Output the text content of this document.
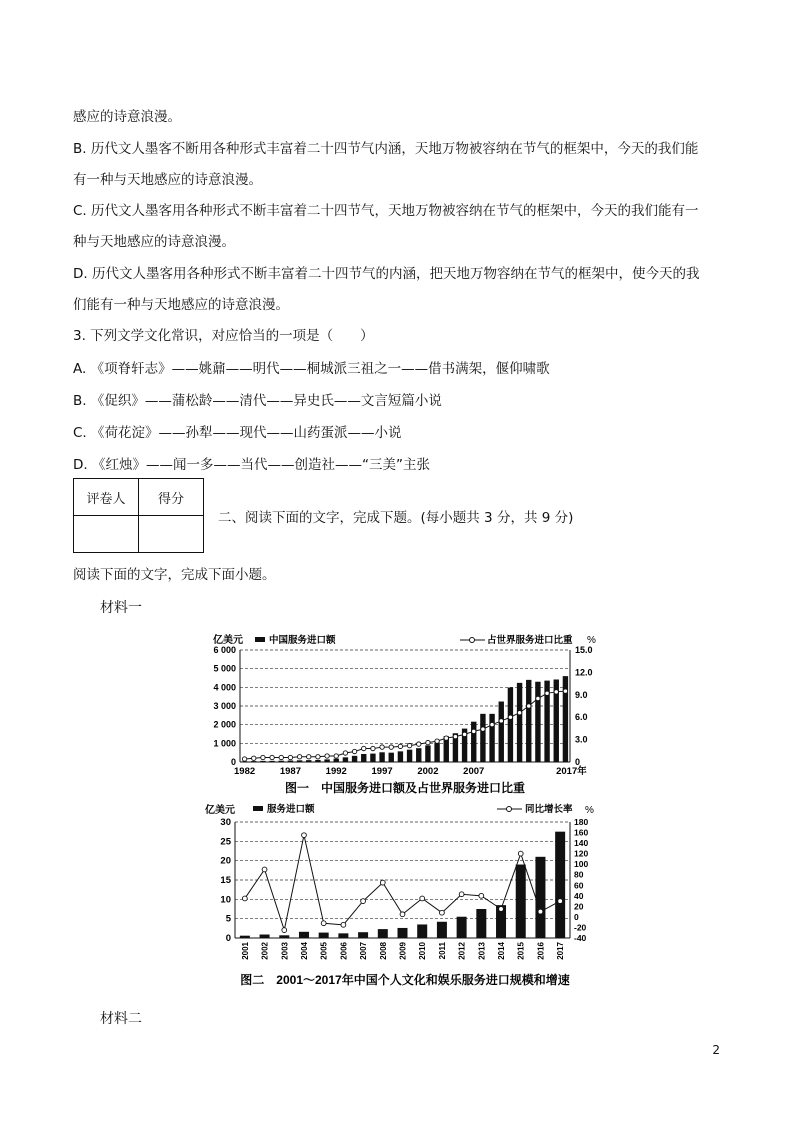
感应的诗意浪漫。
B. 历代文人墨客不断用各种形式丰富着二十四节气内涵，天地万物被容纳在节气的框架中，今天的我们能
有一种与天地感应的诗意浪漫。
C. 历代文人墨客用各种形式不断丰富着二十四节气，天地万物被容纳在节气的框架中，今天的我们能有一
种与天地感应的诗意浪漫。
D. 历代文人墨客用各种形式不断丰富着二十四节气的内涵，把天地万物容纳在节气的框架中，使今天的我
们能有一种与天地感应的诗意浪漫。
3. 下列文学文化常识，对应恰当的一项是（　　）
A. 《项脊轩志》——姚鼐——明代——桐城派三祖之一——借书满架，偃仰啸歌
B. 《促织》——蒲松龄——清代——异史氏——文言短篇小说
C. 《荷花淀》——孙犁——现代——山药蛋派——小说
D. 《红烛》——闻一多——当代——创造社——“三美”主张
评卷人	得分

二、阅读下面的文字，完成下题。(每小题共 3 分，共 9 分)
阅读下面的文字，完成下面小题。
材料一
亿美元	%
中国服务进口额	占世界服务进口比重
0
1 000
2 000
3 000
4 000
5 000
6 000
0
3.0
6.0
9.0
12.0
15.0
1982	1987	1992	1997	2002	2007	2017年
图一　中国服务进口额及占世界服务进口比重
亿美元	%
服务进口额	同比增长率
0
5
10
15
20
25
30
-40
-20
0
20
40
60
80
100
120
140
160
180
2001 2002 2003 2004 2005 2006 2007 2008 2009 2010 2011 2012 2013 2014 2015 2016 2017
图二　2001～2017年中国个人文化和娱乐服务进口规模和增速
材料二
2
